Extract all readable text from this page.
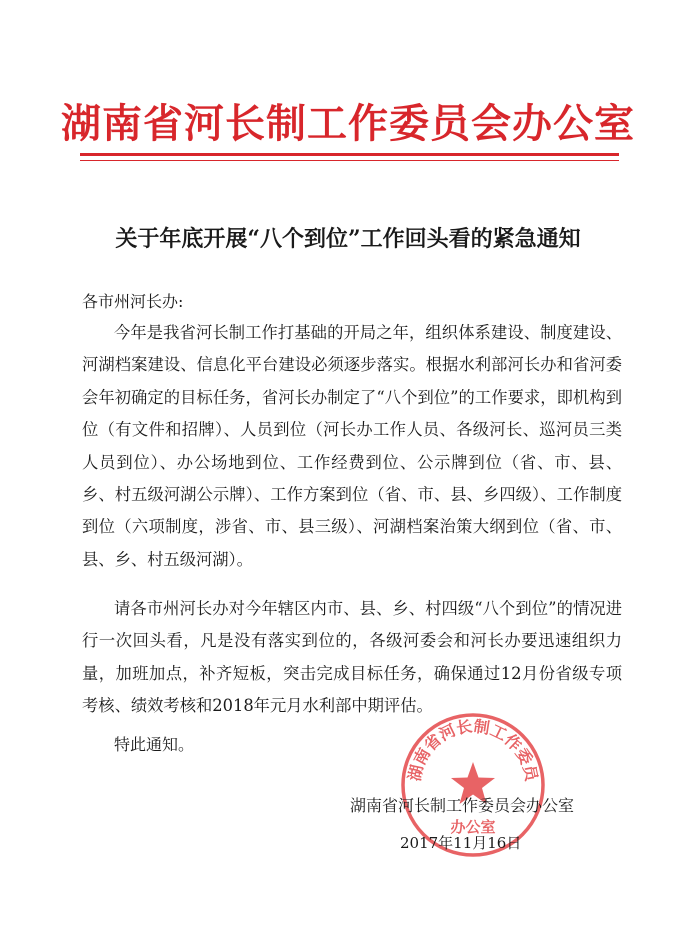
湖南省河长制工作委员会办公室
关于年底开展“八个到位”工作回头看的紧急通知
各市州河长办:
今年是我省河长制工作打基础的开局之年，组织体系建设、制度建设、河湖档案建设、信息化平台建设必须逐步落实。根据水利部河长办和省河委会年初确定的目标任务，省河长办制定了“八个到位”的工作要求，即机构到位（有文件和招牌）、人员到位（河长办工作人员、各级河长、巡河员三类人员到位）、办公场地到位、工作经费到位、公示牌到位（省、市、县、乡、村五级河湖公示牌）、工作方案到位（省、市、县、乡四级）、工作制度到位（六项制度，涉省、市、县三级）、河湖档案治策大纲到位（省、市、县、乡、村五级河湖）。
请各市州河长办对今年辖区内市、县、乡、村四级“八个到位”的情况进行一次回头看，凡是没有落实到位的，各级河委会和河长办要迅速组织力量，加班加点，补齐短板，突击完成目标任务，确保通过12月份省级专项考核、绩效考核和2018年元月水利部中期评估。
特此通知。
湖南省河长制工作委员
办公室
湖南省河长制工作委员会办公室
2017年11月16日
